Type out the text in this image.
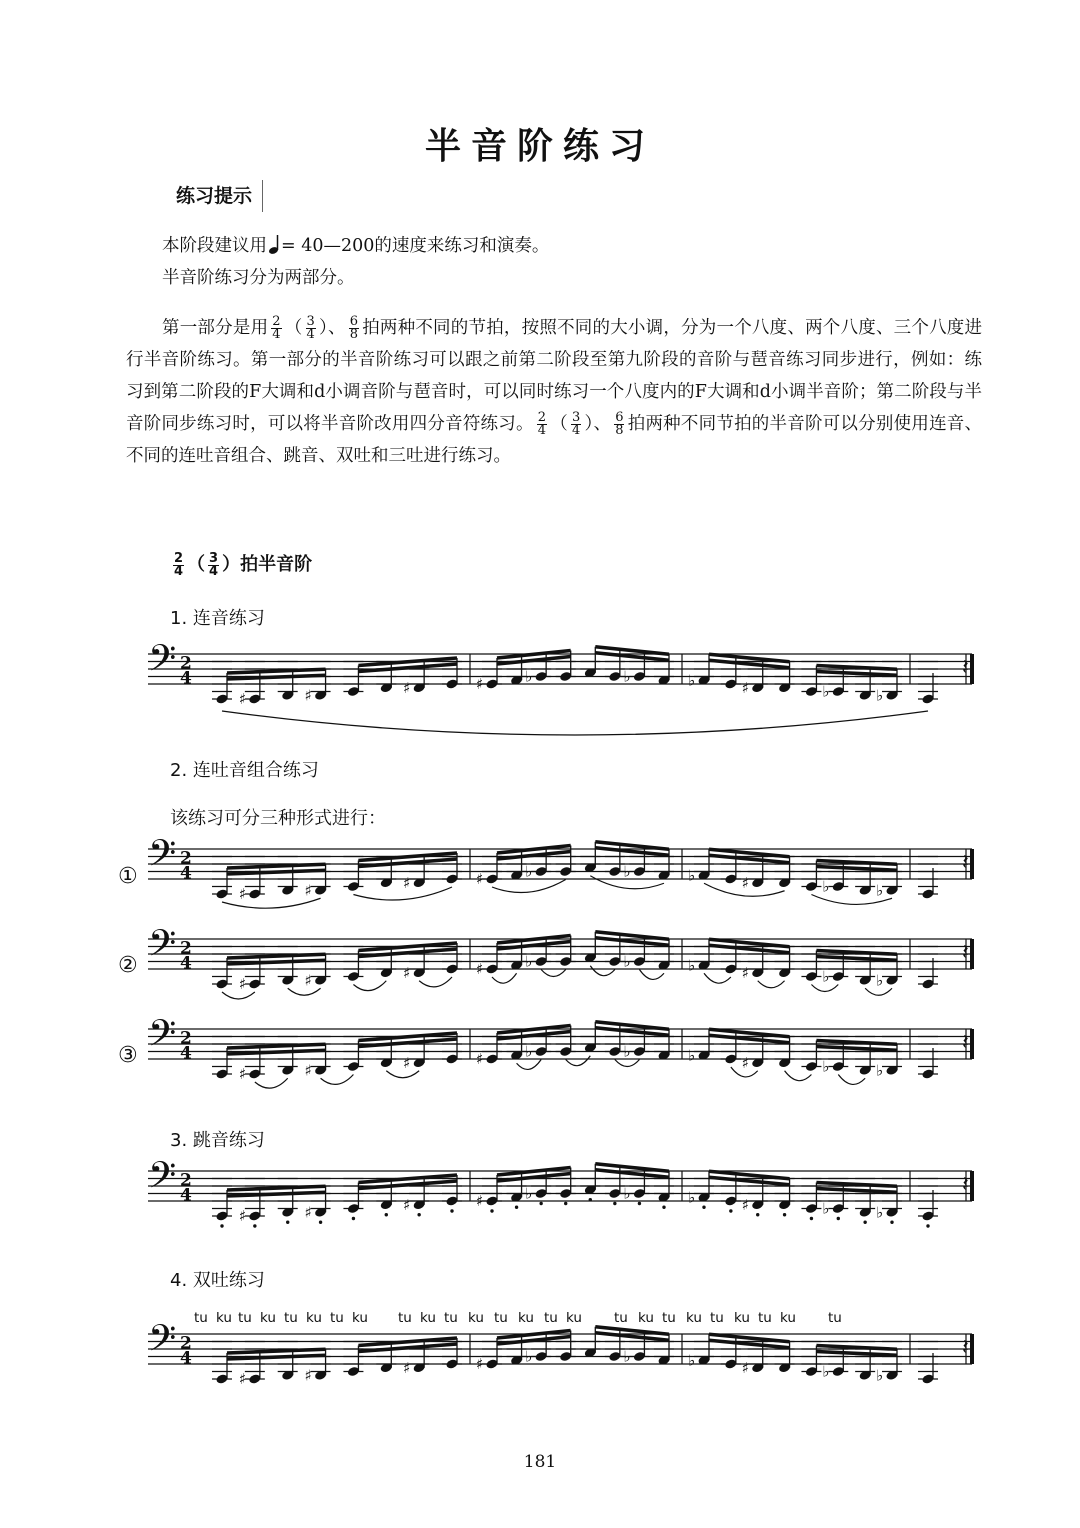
半音阶练习
练习提示
本阶段建议用 = 40—200的速度来练习和演奏。
半音阶练习分为两部分。
第一部分是用 $\frac{2}{4}$ （ $\frac{3}{4}$ ）、 $\frac{6}{8}$ 拍两种不同的节拍，按照不同的大小调，分为一个八度、两个八度、三个八度进行半音阶练习。第一部分的半音阶练习可以跟之前第二阶段至第九阶段的音阶与琶音练习同步进行，例如：练习到第二阶段的F大调和d小调音阶与琶音时，可以同时练习一个八度内的F大调和d小调半音阶；第二阶段与半音阶同步练习时，可以将半音阶改用四分音符练习。 $\frac{2}{4}$ （ $\frac{3}{4}$ ）、 $\frac{6}{8}$ 拍两种不同节拍的半音阶可以分别使用连音、不同的连吐音组合、跳音、双吐和三吐进行练习。
$\frac{2}{4}$ （ $\frac{3}{4}$ ）拍半音阶
1. 连音练习
𝄢 2
4
♯	♯	♯	♯	♭	♭	♭	♯	♭	♭
𝄽
2. 连吐音组合练习
该练习可分三种形式进行：
① 𝄢 2
4
♯	♯	♯	♯	♭	♭	♭	♯	♭	♭
𝄽
② 𝄢 2
4
♯	♯	♯	♯	♭	♭	♭	♯	♭	♭
𝄽
③ 𝄢 2
4
♯	♯	♯	♯	♭	♭	♭	♯	♭	♭
𝄽
3. 跳音练习
𝄢 2
4
♯	♯	♯	♯	♭	♭	♭	♯	♭	♭
𝄽
4. 双吐练习
tu ku tu ku tu ku tu ku tu ku tu ku tu ku tu ku tu ku tu ku tu ku tu ku tu
𝄢 2
4
♯	♯	♯	♯	♭	♭	♭	♯	♭	♭
𝄽
181
